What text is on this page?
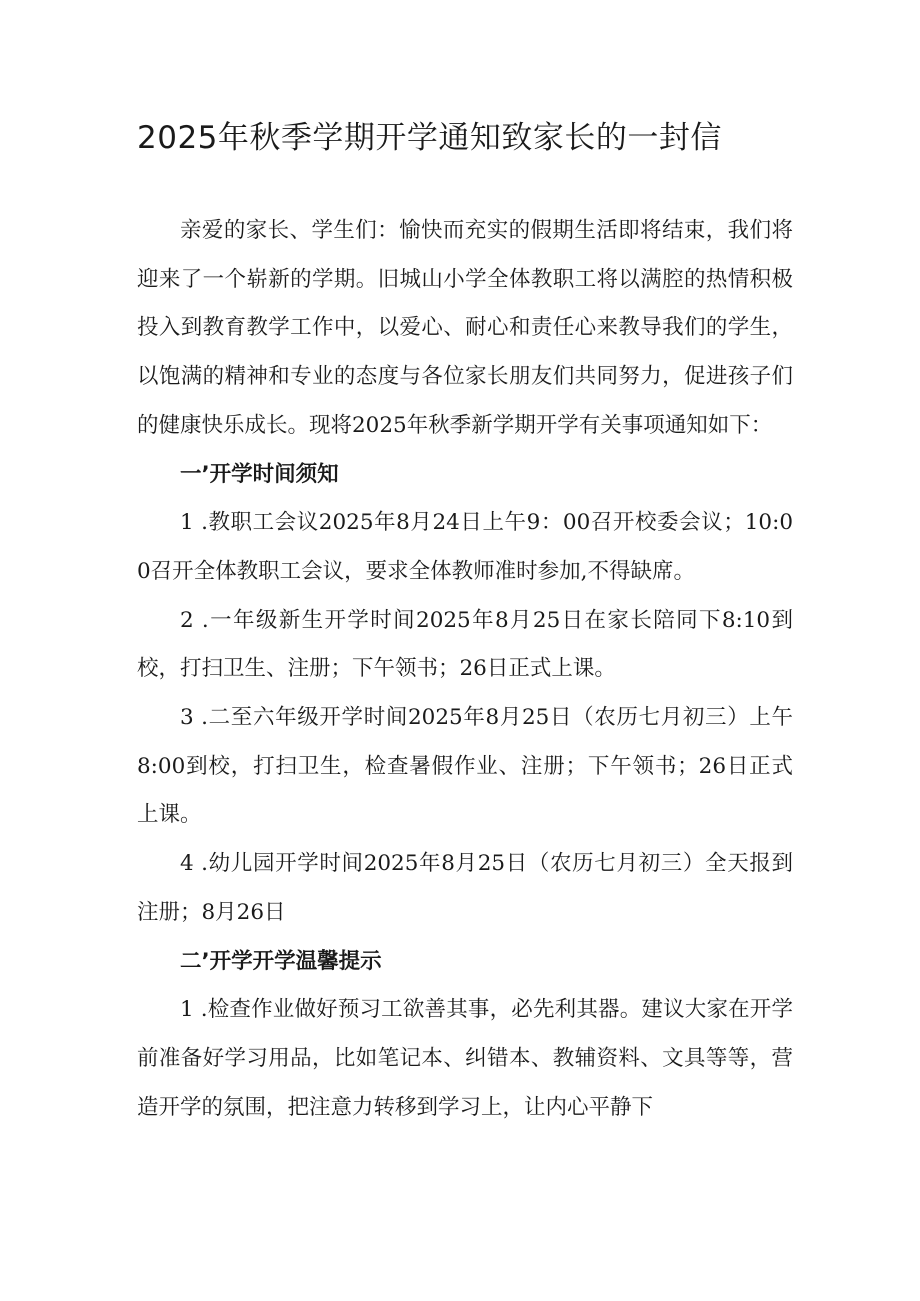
2025年秋季学期开学通知致家长的一封信

亲爱的家长、学生们：愉快而充实的假期生活即将结束，我们将迎来了一个崭新的学期。旧城山小学全体教职工将以满腔的热情积极投入到教育教学工作中，以爱心、耐心和责任心来教导我们的学生，以饱满的精神和专业的态度与各位家长朋友们共同努力，促进孩子们的健康快乐成长。现将2025年秋季新学期开学有关事项通知如下：

一’开学时间须知

1 .教职工会议2025年8月24日上午9：00召开校委会议；10:00召开全体教职工会议，要求全体教师准时参加,不得缺席。

2 .一年级新生开学时间2025年8月25日在家长陪同下8:10到校，打扫卫生、注册；下午领书；26日正式上课。

3 .二至六年级开学时间2025年8月25日（农历七月初三）上午8:00到校，打扫卫生，检查暑假作业、注册；下午领书；26日正式上课。

4 .幼儿园开学时间2025年8月25日（农历七月初三）全天报到注册；8月26日

二’开学开学温馨提示

1 .检查作业做好预习工欲善其事，必先利其器。建议大家在开学前准备好学习用品，比如笔记本、纠错本、教辅资料、文具等等，营造开学的氛围，把注意力转移到学习上，让内心平静下
